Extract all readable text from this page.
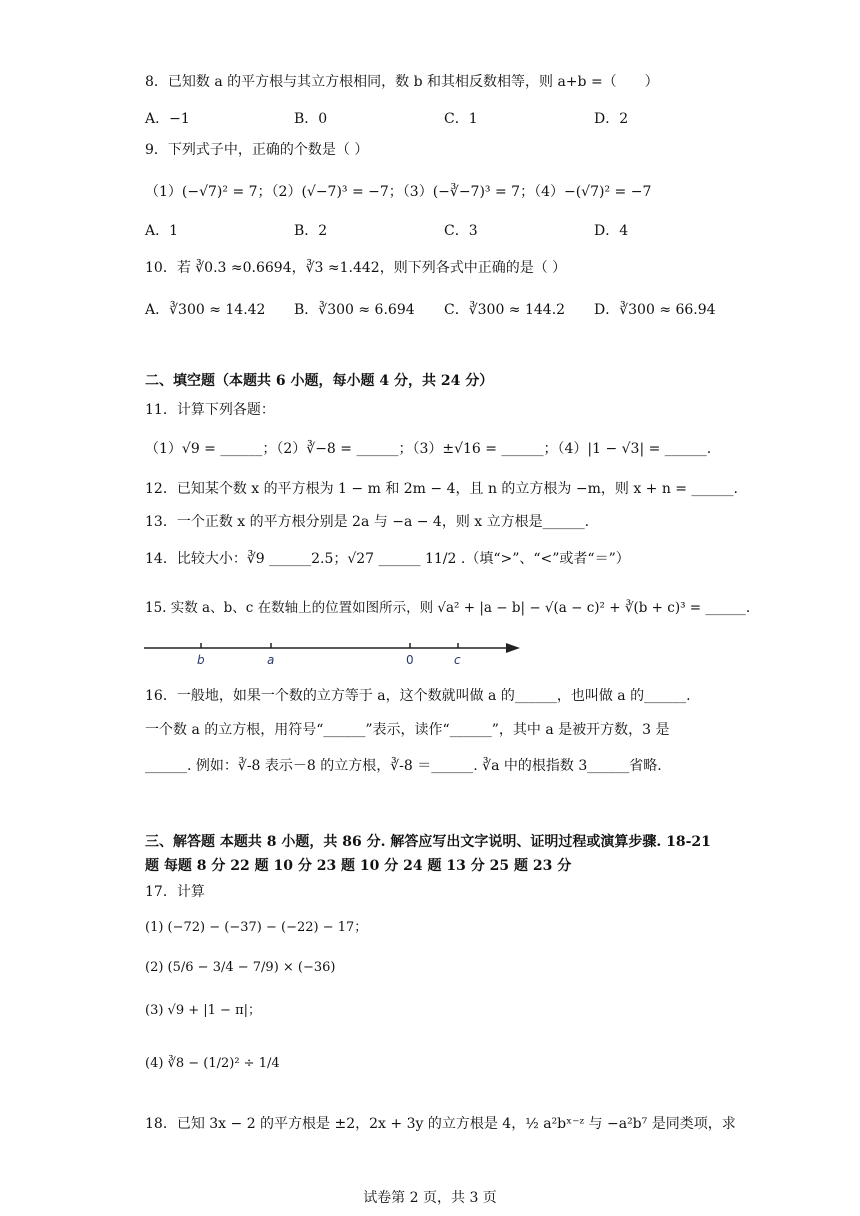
8．已知数 a 的平方根与其立方根相同，数 b 和其相反数相等，则 a+b =（　　）
A．−1	B．0	C．1	D．2
9．下列式子中，正确的个数是（ ）
（1）(−√7)² = 7；（2）(√−7)³ = −7；（3）(−∛−7)³ = 7；（4）−(√7)² = −7
A．1	B．2	C．3	D．4
10．若 ∛0.3 ≈0.6694，∛3 ≈1.442，则下列各式中正确的是（ ）
A．∛300 ≈ 14.42 B．∛300 ≈ 6.694 C．∛300 ≈ 144.2 D．∛300 ≈ 66.94
二、填空题（本题共 6 小题，每小题 4 分，共 24 分）
11．计算下列各题：
（1）√9 = ______；（2）∛−8 = ______；（3）±√16 = ______；（4）|1 − √3| = ______.
12．已知某个数 x 的平方根为 1 − m 和 2m − 4，且 n 的立方根为 −m，则 x + n = ______.
13．一个正数 x 的平方根分别是 2a 与 −a − 4，则 x 立方根是______.
14．比较大小：∛9 ______2.5；√27 ______ 11/2 .（填“>”、“<”或者“＝”）
15. 实数 a、b、c 在数轴上的位置如图所示，则 √a² + |a − b| − √(a − c)² + ∛(b + c)³ = ______.
b	a	0	c
16．一般地，如果一个数的立方等于 a，这个数就叫做 a 的______，也叫做 a 的______.
一个数 a 的立方根，用符号“______”表示，读作“______”，其中 a 是被开方数，3 是
______. 例如：∛-8 表示－8 的立方根，∛-8 ＝______. ∛a 中的根指数 3______省略.
三、解答题 本题共 8 小题，共 86 分. 解答应写出文字说明、证明过程或演算步骤. 18-21
题 每题 8 分 22 题 10 分 23 题 10 分 24 题 13 分 25 题 23 分
17．计算
(1) (−72) − (−37) − (−22) − 17；
(2) (5/6 − 3/4 − 7/9) × (−36)
(3) √9 + |1 − π|；
(4) ∛8 − (1/2)² ÷ 1/4
18．已知 3x − 2 的平方根是 ±2，2x + 3y 的立方根是 4，½ a²bˣ⁻ᶻ 与 −a²b⁷ 是同类项，求
试卷第 2 页，共 3 页
